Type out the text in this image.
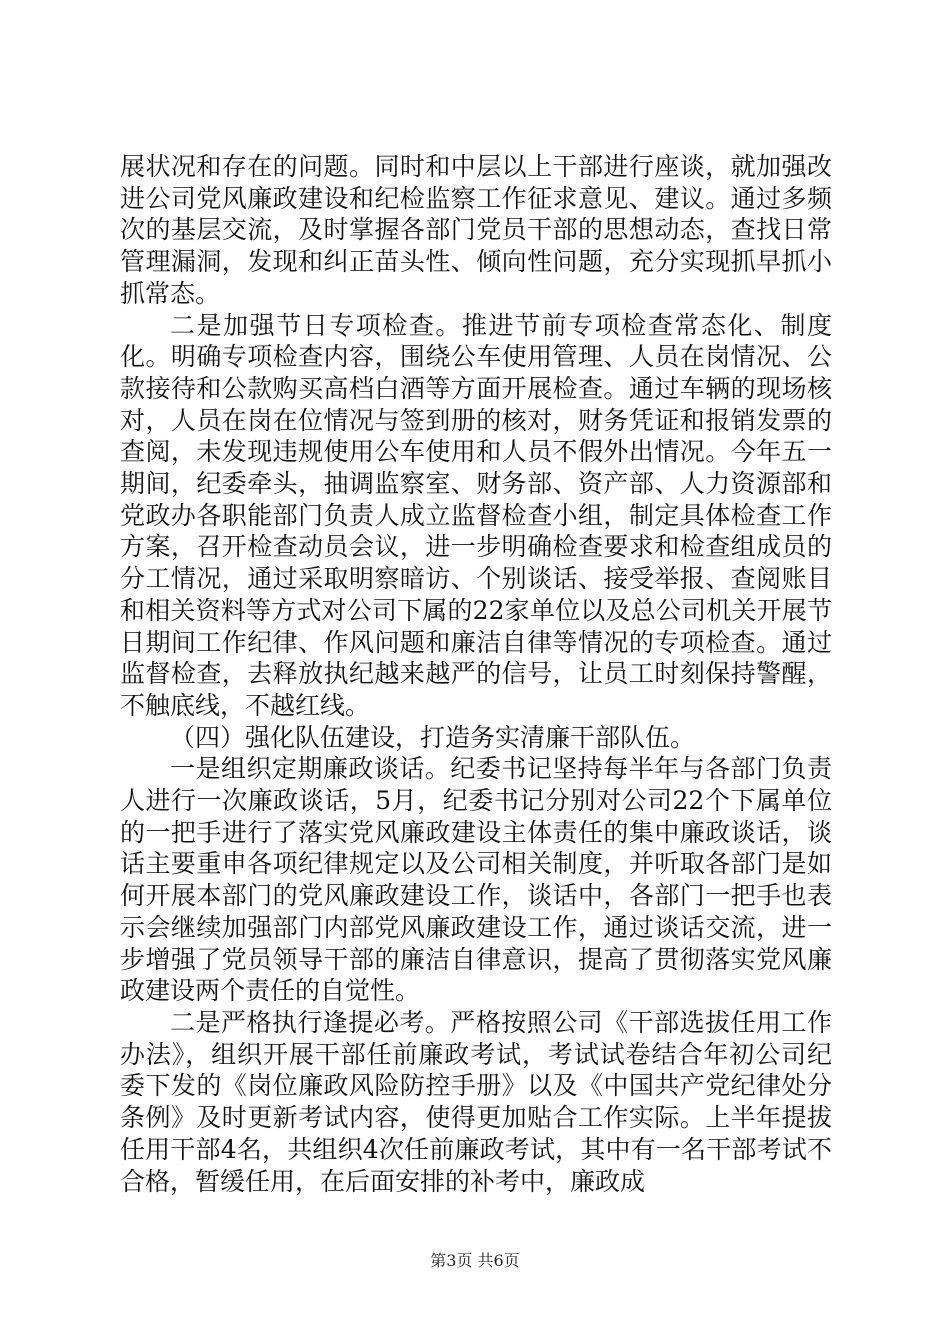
展状况和存在的问题。同时和中层以上干部进行座谈，就加强改进公司党风廉政建设和纪检监察工作征求意见、建议。通过多频次的基层交流，及时掌握各部门党员干部的思想动态，查找日常管理漏洞，发现和纠正苗头性、倾向性问题，充分实现抓早抓小抓常态。

二是加强节日专项检查。推进节前专项检查常态化、制度化。明确专项检查内容，围绕公车使用管理、人员在岗情况、公款接待和公款购买高档白酒等方面开展检查。通过车辆的现场核对，人员在岗在位情况与签到册的核对，财务凭证和报销发票的查阅，未发现违规使用公车使用和人员不假外出情况。今年五一期间，纪委牵头，抽调监察室、财务部、资产部、人力资源部和党政办各职能部门负责人成立监督检查小组，制定具体检查工作方案，召开检查动员会议，进一步明确检查要求和检查组成员的分工情况，通过采取明察暗访、个别谈话、接受举报、查阅账目和相关资料等方式对公司下属的22家单位以及总公司机关开展节日期间工作纪律、作风问题和廉洁自律等情况的专项检查。通过监督检查，去释放执纪越来越严的信号，让员工时刻保持警醒，不触底线，不越红线。

（四）强化队伍建设，打造务实清廉干部队伍。

一是组织定期廉政谈话。纪委书记坚持每半年与各部门负责人进行一次廉政谈话，5月，纪委书记分别对公司22个下属单位的一把手进行了落实党风廉政建设主体责任的集中廉政谈话，谈话主要重申各项纪律规定以及公司相关制度，并听取各部门是如何开展本部门的党风廉政建设工作，谈话中，各部门一把手也表示会继续加强部门内部党风廉政建设工作，通过谈话交流，进一步增强了党员领导干部的廉洁自律意识，提高了贯彻落实党风廉政建设两个责任的自觉性。

二是严格执行逢提必考。严格按照公司《干部选拔任用工作办法》，组织开展干部任前廉政考试，考试试卷结合年初公司纪委下发的《岗位廉政风险防控手册》以及《中国共产党纪律处分条例》及时更新考试内容，使得更加贴合工作实际。上半年提拔任用干部4名，共组织4次任前廉政考试，其中有一名干部考试不合格，暂缓任用，在后面安排的补考中，廉政成

第3页 共6页
